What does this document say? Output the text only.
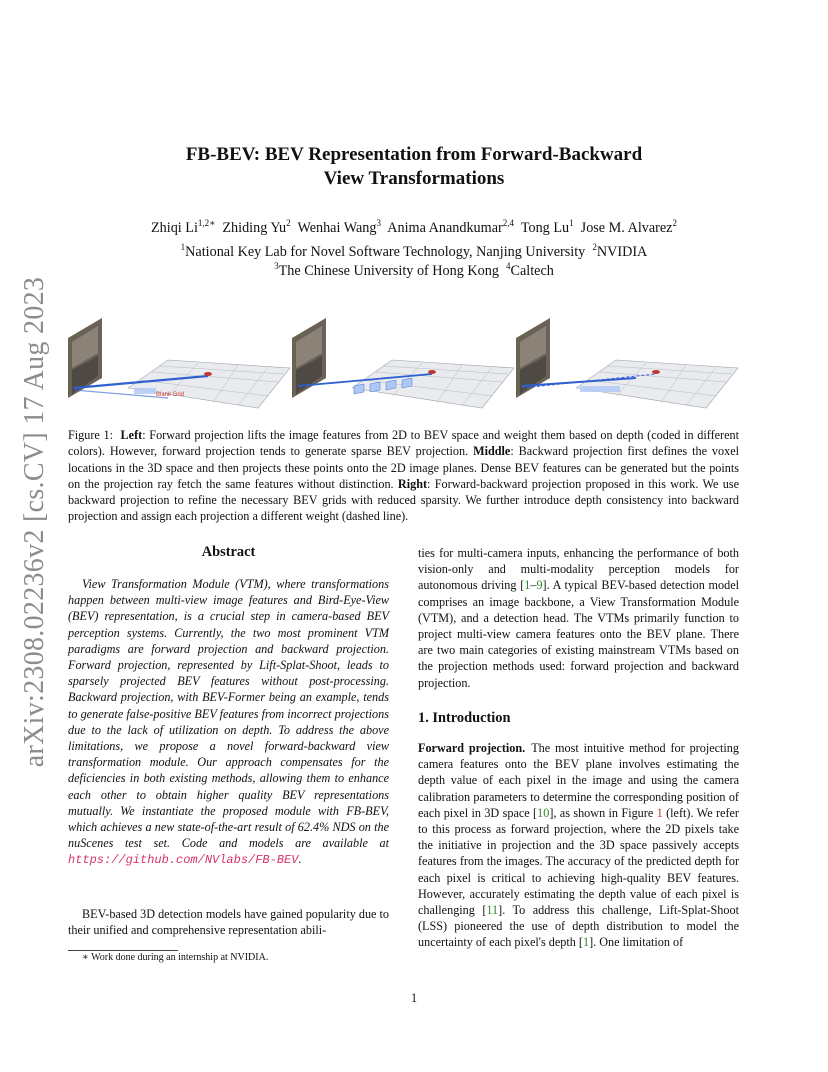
arXiv:2308.02236v2 [cs.CV] 17 Aug 2023
FB-BEV: BEV Representation from Forward-Backward
View Transformations
Zhiqi $Li^{1,2∗}$ Zhiding Yu$^2$ Wenhai Wang$^3$ Anima Anandkumar$^{2,4}$ Tong Lu$^1$ Jose M. Alvarez$^2$
$^1$National Key Lab for Novel Software Technology, Nanjing University $^2$NVIDIA
$^3$The Chinese University of Hong Kong $^4$Caltech
Blank Grid
Figure 1: Left: Forward projection lifts the image features from 2D to BEV space and weight them based on depth (coded in different colors). However, forward projection tends to generate sparse BEV projection. Middle: Backward projection first defines the voxel locations in the 3D space and then projects these points onto the 2D image planes. Dense BEV features can be generated but the points on the projection ray fetch the same features without distinction. Right: Forward-backward projection proposed in this work. We use backward projection to refine the necessary BEV grids with reduced sparsity. We further introduce depth consistency into backward projection and assign each projection a different weight (dashed line).
Abstract
View Transformation Module (VTM), where transformations happen between multi-view image features and Bird-Eye-View (BEV) representation, is a crucial step in camera-based BEV perception systems. Currently, the two most prominent VTM paradigms are forward projection and backward projection. Forward projection, represented by Lift-Splat-Shoot, leads to sparsely projected BEV features without post-processing. Backward projection, with BEV-Former being an example, tends to generate false-positive BEV features from incorrect projections due to the lack of utilization on depth. To address the above limitations, we propose a novel forward-backward view transformation module. Our approach compensates for the deficiencies in both existing methods, allowing them to enhance each other to obtain higher quality BEV representations mutually. We instantiate the proposed module with FB-BEV, which achieves a new state-of-the-art result of 62.4% NDS on the nuScenes test set. Code and models are available at https://github.com/NVlabs/FB-BEV.
BEV-based 3D detection models have gained popularity due to their unified and comprehensive representation abili-
∗ Work done during an internship at NVIDIA.
ties for multi-camera inputs, enhancing the performance of both vision-only and multi-modality perception models for autonomous driving [1–9]. A typical BEV-based detection model comprises an image backbone, a View Transformation Module (VTM), and a detection head. The VTMs primarily function to project multi-view camera features onto the BEV plane. There are two main categories of existing mainstream VTMs based on the projection methods used: forward projection and backward projection.
1. Introduction
Forward projection. The most intuitive method for projecting camera features onto the BEV plane involves estimating the depth value of each pixel in the image and using the camera calibration parameters to determine the corresponding position of each pixel in 3D space [10], as shown in Figure 1 (left). We refer to this process as forward projection, where the 2D pixels take the initiative in projection and the 3D space passively accepts features from the images. The accuracy of the predicted depth for each pixel is critical to achieving high-quality BEV features. However, accurately estimating the depth value of each pixel is challenging [11]. To address this challenge, Lift-Splat-Shoot (LSS) pioneered the use of depth distribution to model the uncertainty of each pixel's depth [1]. One limitation of
1
